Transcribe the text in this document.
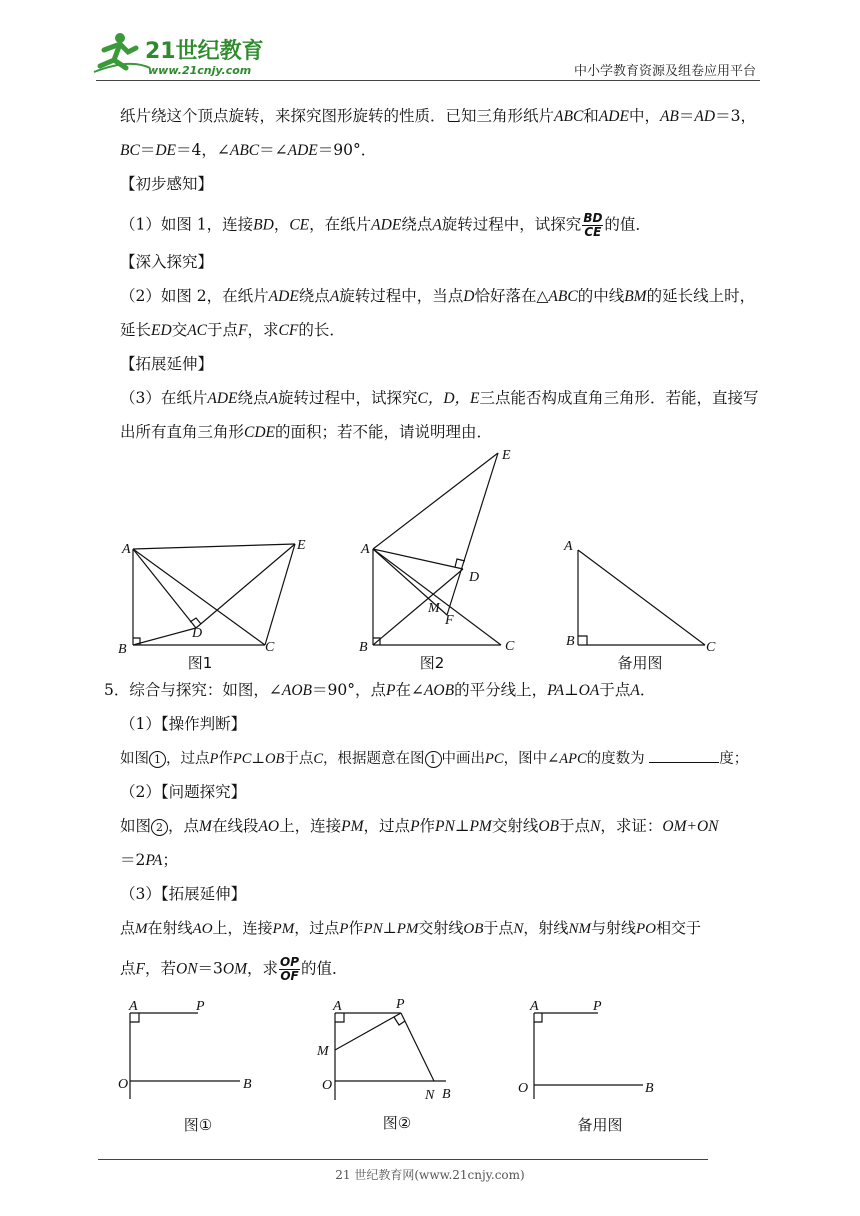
21世纪教育
www.21cnjy.com	中小学教育资源及组卷应用平台
纸片绕这个顶点旋转，来探究图形旋转的性质．已知三角形纸片ABC和ADE中，AB＝AD＝3，
BC＝DE＝4，∠ABC＝∠ADE＝90°．
【初步感知】
（1）如图 1，连接BD，CE，在纸片ADE绕点A旋转过程中，试探究 $\frac{BD}{CE}$ 的值．
【深入探究】
（2）如图 2，在纸片ADE绕点A旋转过程中，当点D恰好落在△ABC的中线BM的延长线上时，
延长ED交AC于点F，求CF的长．
【拓展延伸】
（3）在纸片ADE绕点A旋转过程中，试探究C，D，E三点能否构成直角三角形．若能，直接写
出所有直角三角形CDE的面积；若不能，请说明理由．
A
B	C
D
E
图1
A
B	C
D
E
M
F
图2
A
B	C
备用图
5．综合与探究：如图，∠AOB＝90°，点P在∠AOB的平分线上，PA⊥OA于点A．
（1）【操作判断】
如图 1 ，过点P作PC⊥OB于点C，根据题意在图 1 中画出PC，图中∠APC的度数为	度；
（2）【问题探究】
如图 2 ，点M在线段AO上，连接PM，过点P作PN⊥PM交射线OB于点N，求证：OM+ON
＝2PA；
（3）【拓展延伸】
点M在射线AO上，连接PM，过点P作PN⊥PM交射线OB于点N，射线NM与射线PO相交于
点F，若ON＝3OM，求 $\frac{OP}{OF}$ 的值．
A	P
O	B
图①
A	P
M
O
N B
图②
A	P
O	B
备用图
21 世纪教育网(www.21cnjy.com)
